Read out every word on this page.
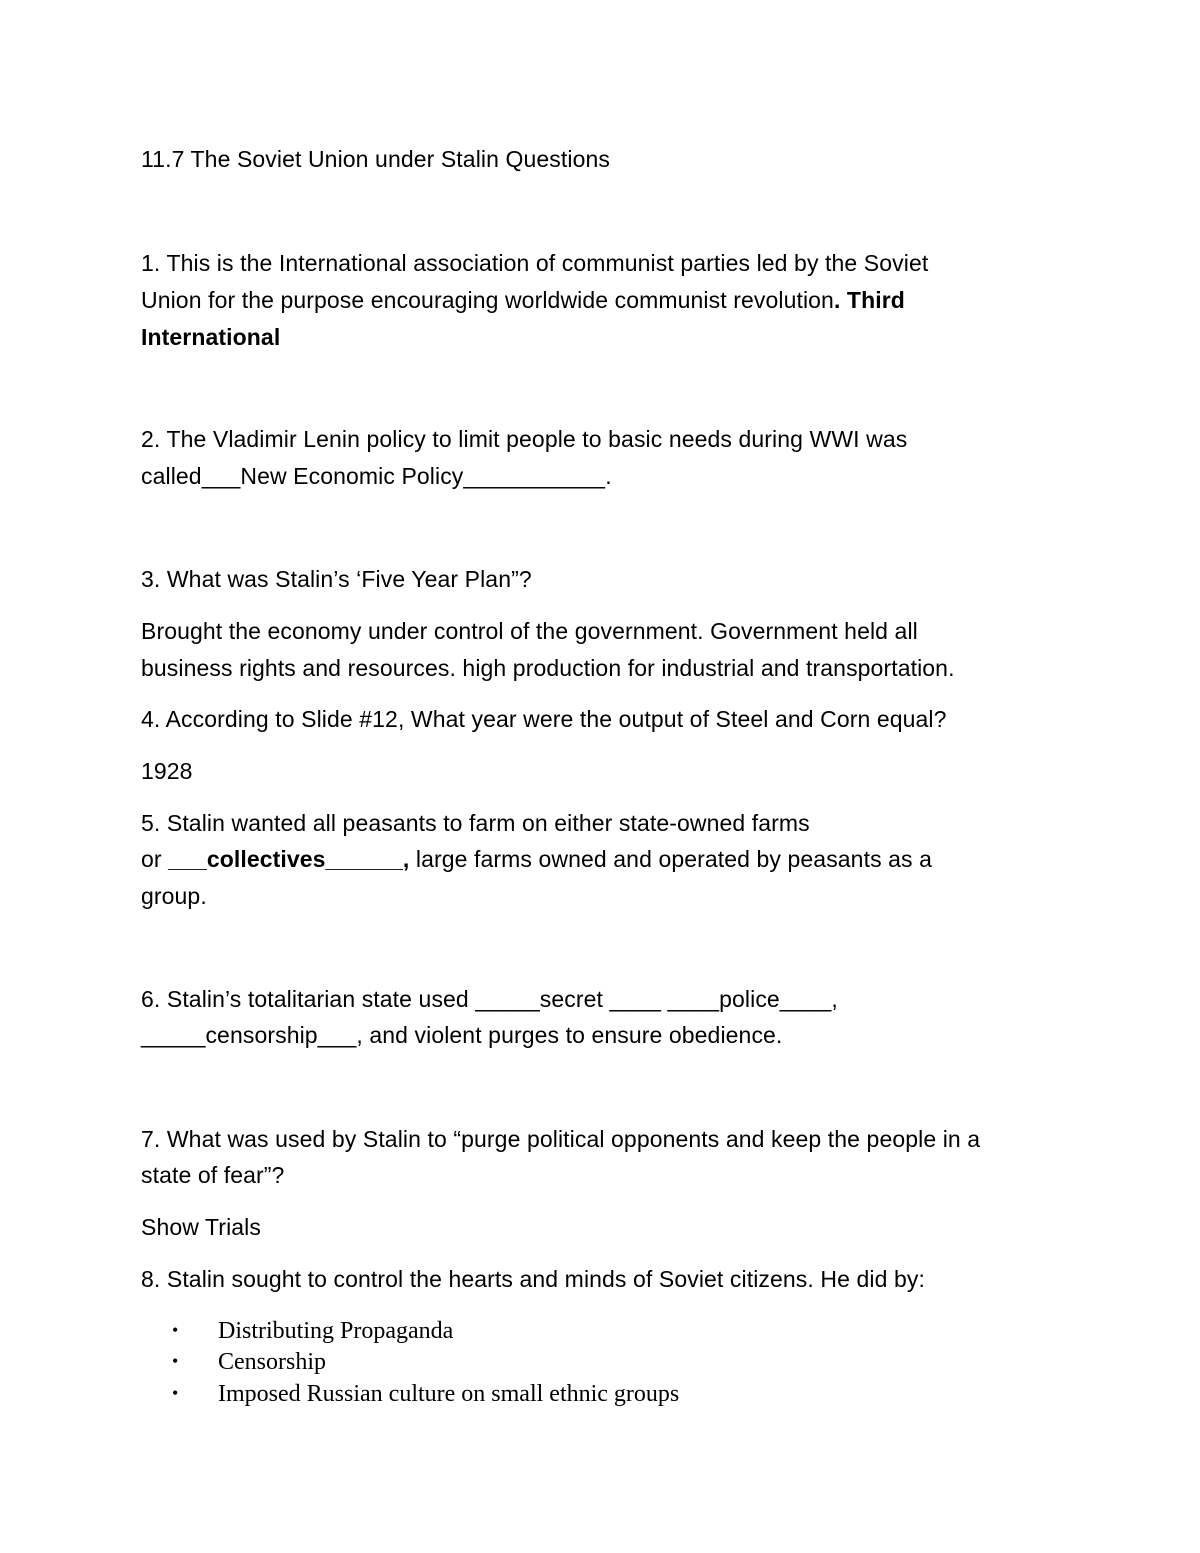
11.7 The Soviet Union under Stalin Questions
1. This is the International association of communist parties led by the Soviet
Union for the purpose encouraging worldwide communist revolution. Third
International
2. The Vladimir Lenin policy to limit people to basic needs during WWI was
called___New Economic Policy___________.
3. What was Stalin’s ‘Five Year Plan”?
Brought the economy under control of the government. Government held all
business rights and resources. high production for industrial and transportation.
4. According to Slide #12, What year were the output of Steel and Corn equal?
1928
5. Stalin wanted all peasants to farm on either state-owned farms
or ___collectives______, large farms owned and operated by peasants as a
group.
6. Stalin’s totalitarian state used _____secret ____ ____police____,
_____censorship___, and violent purges to ensure obedience.
7. What was used by Stalin to “purge political opponents and keep the people in a
state of fear”?
Show Trials
8. Stalin sought to control the hearts and minds of Soviet citizens. He did by:
• Distributing Propaganda
• Censorship
• Imposed Russian culture on small ethnic groups
